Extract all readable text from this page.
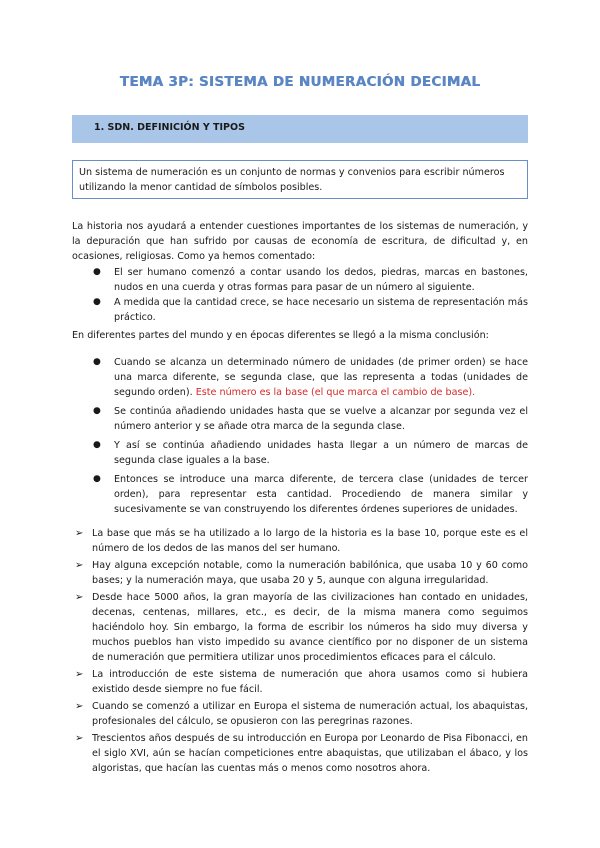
TEMA 3P: SISTEMA DE NUMERACIÓN DECIMAL
1. SDN. DEFINICIÓN Y TIPOS
Un sistema de numeración es un conjunto de normas y convenios para escribir números utilizando la menor cantidad de símbolos posibles.
La historia nos ayudará a entender cuestiones importantes de los sistemas de numeración, y la depuración que han sufrido por causas de economía de escritura, de dificultad y, en ocasiones, religiosas. Como ya hemos comentado:
● El ser humano comenzó a contar usando los dedos, piedras, marcas en bastones, nudos en una cuerda y otras formas para pasar de un número al siguiente.
● A medida que la cantidad crece, se hace necesario un sistema de representación más práctico.
En diferentes partes del mundo y en épocas diferentes se llegó a la misma conclusión:
● Cuando se alcanza un determinado número de unidades (de primer orden) se hace una marca diferente, se segunda clase, que las representa a todas (unidades de segundo orden). Este número es la base (el que marca el cambio de base).
● Se continúa añadiendo unidades hasta que se vuelve a alcanzar por segunda vez el número anterior y se añade otra marca de la segunda clase.
● Y así se continúa añadiendo unidades hasta llegar a un número de marcas de segunda clase iguales a la base.
● Entonces se introduce una marca diferente, de tercera clase (unidades de tercer orden), para representar esta cantidad. Procediendo de manera similar y sucesivamente se van construyendo los diferentes órdenes superiores de unidades.
➢ La base que más se ha utilizado a lo largo de la historia es la base 10, porque este es el número de los dedos de las manos del ser humano.
➢ Hay alguna excepción notable, como la numeración babilónica, que usaba 10 y 60 como bases; y la numeración maya, que usaba 20 y 5, aunque con alguna irregularidad.
➢ Desde hace 5000 años, la gran mayoría de las civilizaciones han contado en unidades, decenas, centenas, millares, etc., es decir, de la misma manera como seguimos haciéndolo hoy. Sin embargo, la forma de escribir los números ha sido muy diversa y muchos pueblos han visto impedido su avance científico por no disponer de un sistema de numeración que permitiera utilizar unos procedimientos eficaces para el cálculo.
➢ La introducción de este sistema de numeración que ahora usamos como si hubiera existido desde siempre no fue fácil.
➢ Cuando se comenzó a utilizar en Europa el sistema de numeración actual, los abaquistas, profesionales del cálculo, se opusieron con las peregrinas razones.
➢ Trescientos años después de su introducción en Europa por Leonardo de Pisa Fibonacci, en el siglo XVI, aún se hacían competiciones entre abaquistas, que utilizaban el ábaco, y los algoristas, que hacían las cuentas más o menos como nosotros ahora.
